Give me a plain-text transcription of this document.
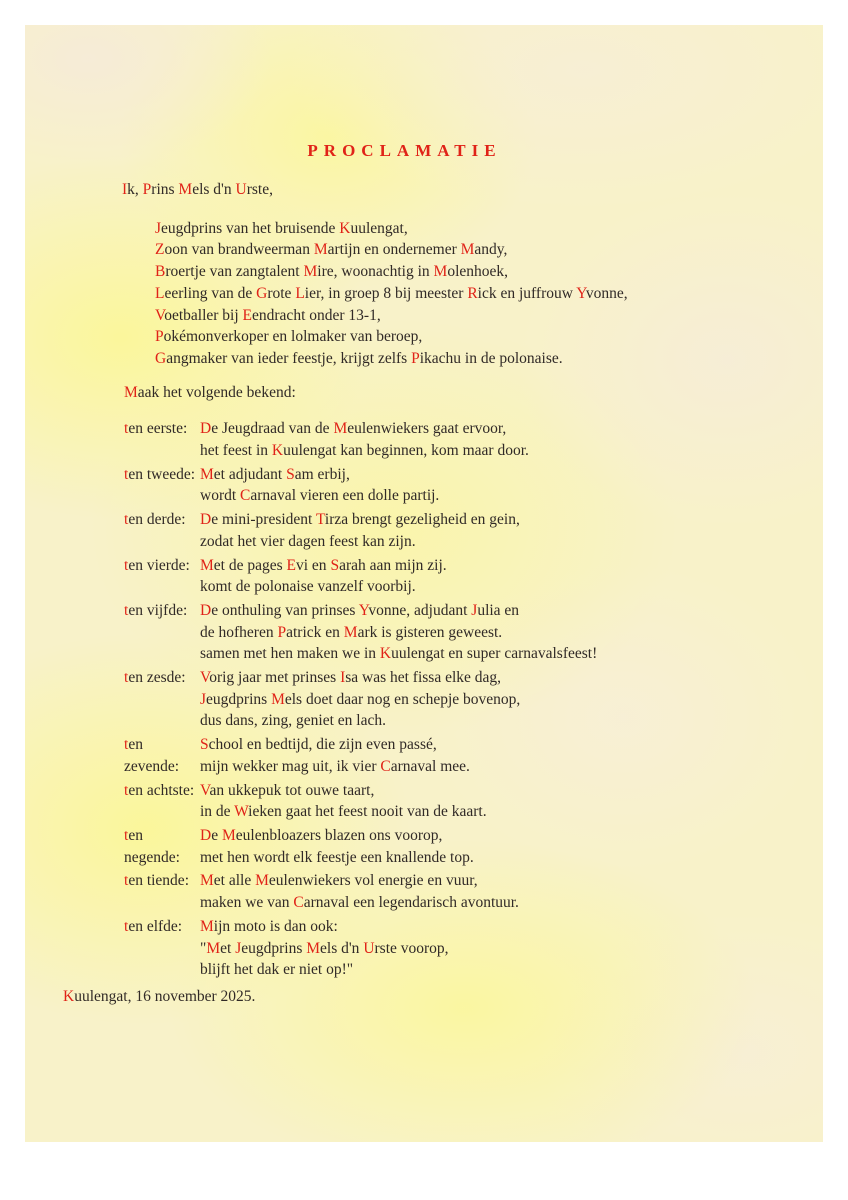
PROCLAMATIE

Ik, Prins Mels d'n Urste,

Jeugdprins van het bruisende Kuulengat,

Zoon van brandweerman Martijn en ondernemer Mandy,

Broertje van zangtalent Mire, woonachtig in Molenhoek,

Leerling van de Grote Lier, in groep 8 bij meester Rick en juffrouw Yvonne,

Voetballer bij Eendracht onder 13-1,

Pokémonverkoper en lolmaker van beroep,

Gangmaker van ieder feestje, krijgt zelfs Pikachu in de polonaise.

Maak het volgende bekend:

ten eerste: De Jeugdraad van de Meulenwiekers gaat ervoor,

het feest in Kuulengat kan beginnen, kom maar door.

ten tweede: Met adjudant Sam erbij,

wordt Carnaval vieren een dolle partij.

ten derde: De mini-president Tirza brengt gezeligheid en gein,

zodat het vier dagen feest kan zijn.

ten vierde: Met de pages Evi en Sarah aan mijn zij.

komt de polonaise vanzelf voorbij.

ten vijfde: De onthuling van prinses Yvonne, adjudant Julia en

de hofheren Patrick en Mark is gisteren geweest.

samen met hen maken we in Kuulengat en super carnavalsfeest!

ten zesde: Vorig jaar met prinses Isa was het fissa elke dag,

Jeugdprins Mels doet daar nog en schepje bovenop,

dus dans, zing, geniet en lach.

ten zevende:

School en bedtijd, die zijn even passé,

mijn wekker mag uit, ik vier Carnaval mee.

ten achtste: Van ukkepuk tot ouwe taart,

in de Wieken gaat het feest nooit van de kaart.

ten negende:

De Meulenbloazers blazen ons voorop,

met hen wordt elk feestje een knallende top.

ten tiende: Met alle Meulenwiekers vol energie en vuur,

maken we van Carnaval een legendarisch avontuur.

ten elfde:	Mijn moto is dan ook:

"Met Jeugdprins Mels d'n Urste voorop,

blijft het dak er niet op!"

Kuulengat, 16 november 2025.
